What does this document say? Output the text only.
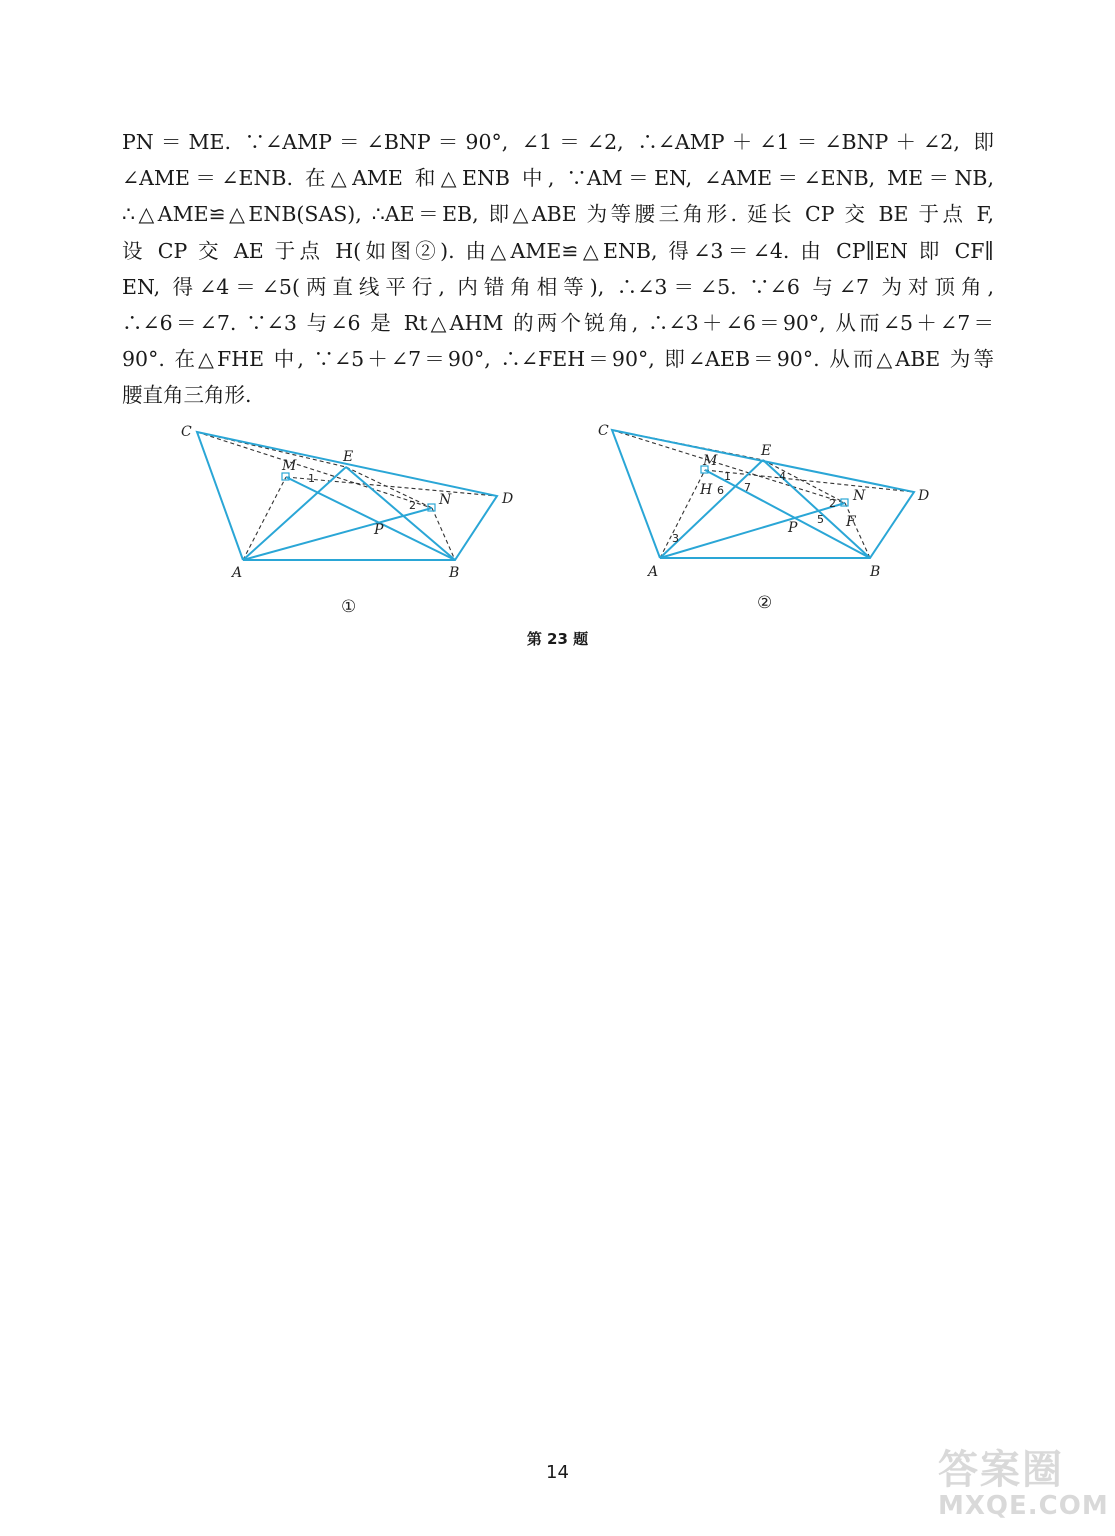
PN＝ME. ∵∠AMP＝∠BNP＝90°, ∠1＝∠2, ∴∠AMP＋∠1＝∠BNP＋∠2, 即
∠AME＝∠ENB. 在△AME 和△ENB 中, ∵AM＝EN, ∠AME＝∠ENB, ME＝NB,
∴△AME≌△ENB(SAS), ∴AE＝EB, 即△ABE 为等腰三角形. 延长 CP 交 BE 于点 F,
设 CP 交 AE 于点 H(如图②). 由△AME≌△ENB, 得∠3＝∠4. 由 CP∥EN 即 CF∥
EN, 得∠4＝∠5(两直线平行, 内错角相等), ∴∠3＝∠5. ∵∠6 与∠7 为对顶角,
∴∠6＝∠7. ∵∠3 与∠6 是 Rt△AHM 的两个锐角, ∴∠3＋∠6＝90°, 从而∠5＋∠7＝
90°. 在△FHE 中, ∵∠5＋∠7＝90°, ∴∠FEH＝90°, 即∠AEB＝90°. 从而△ABE 为等
腰直角三角形.
C
E
M
D
N
P
A	B
1
2
①
C
E
M
D
N
P	F
H
A	B
1
2
3
4
5
6 7
②
第 23 题
14	答案圈
MXQE.COM
